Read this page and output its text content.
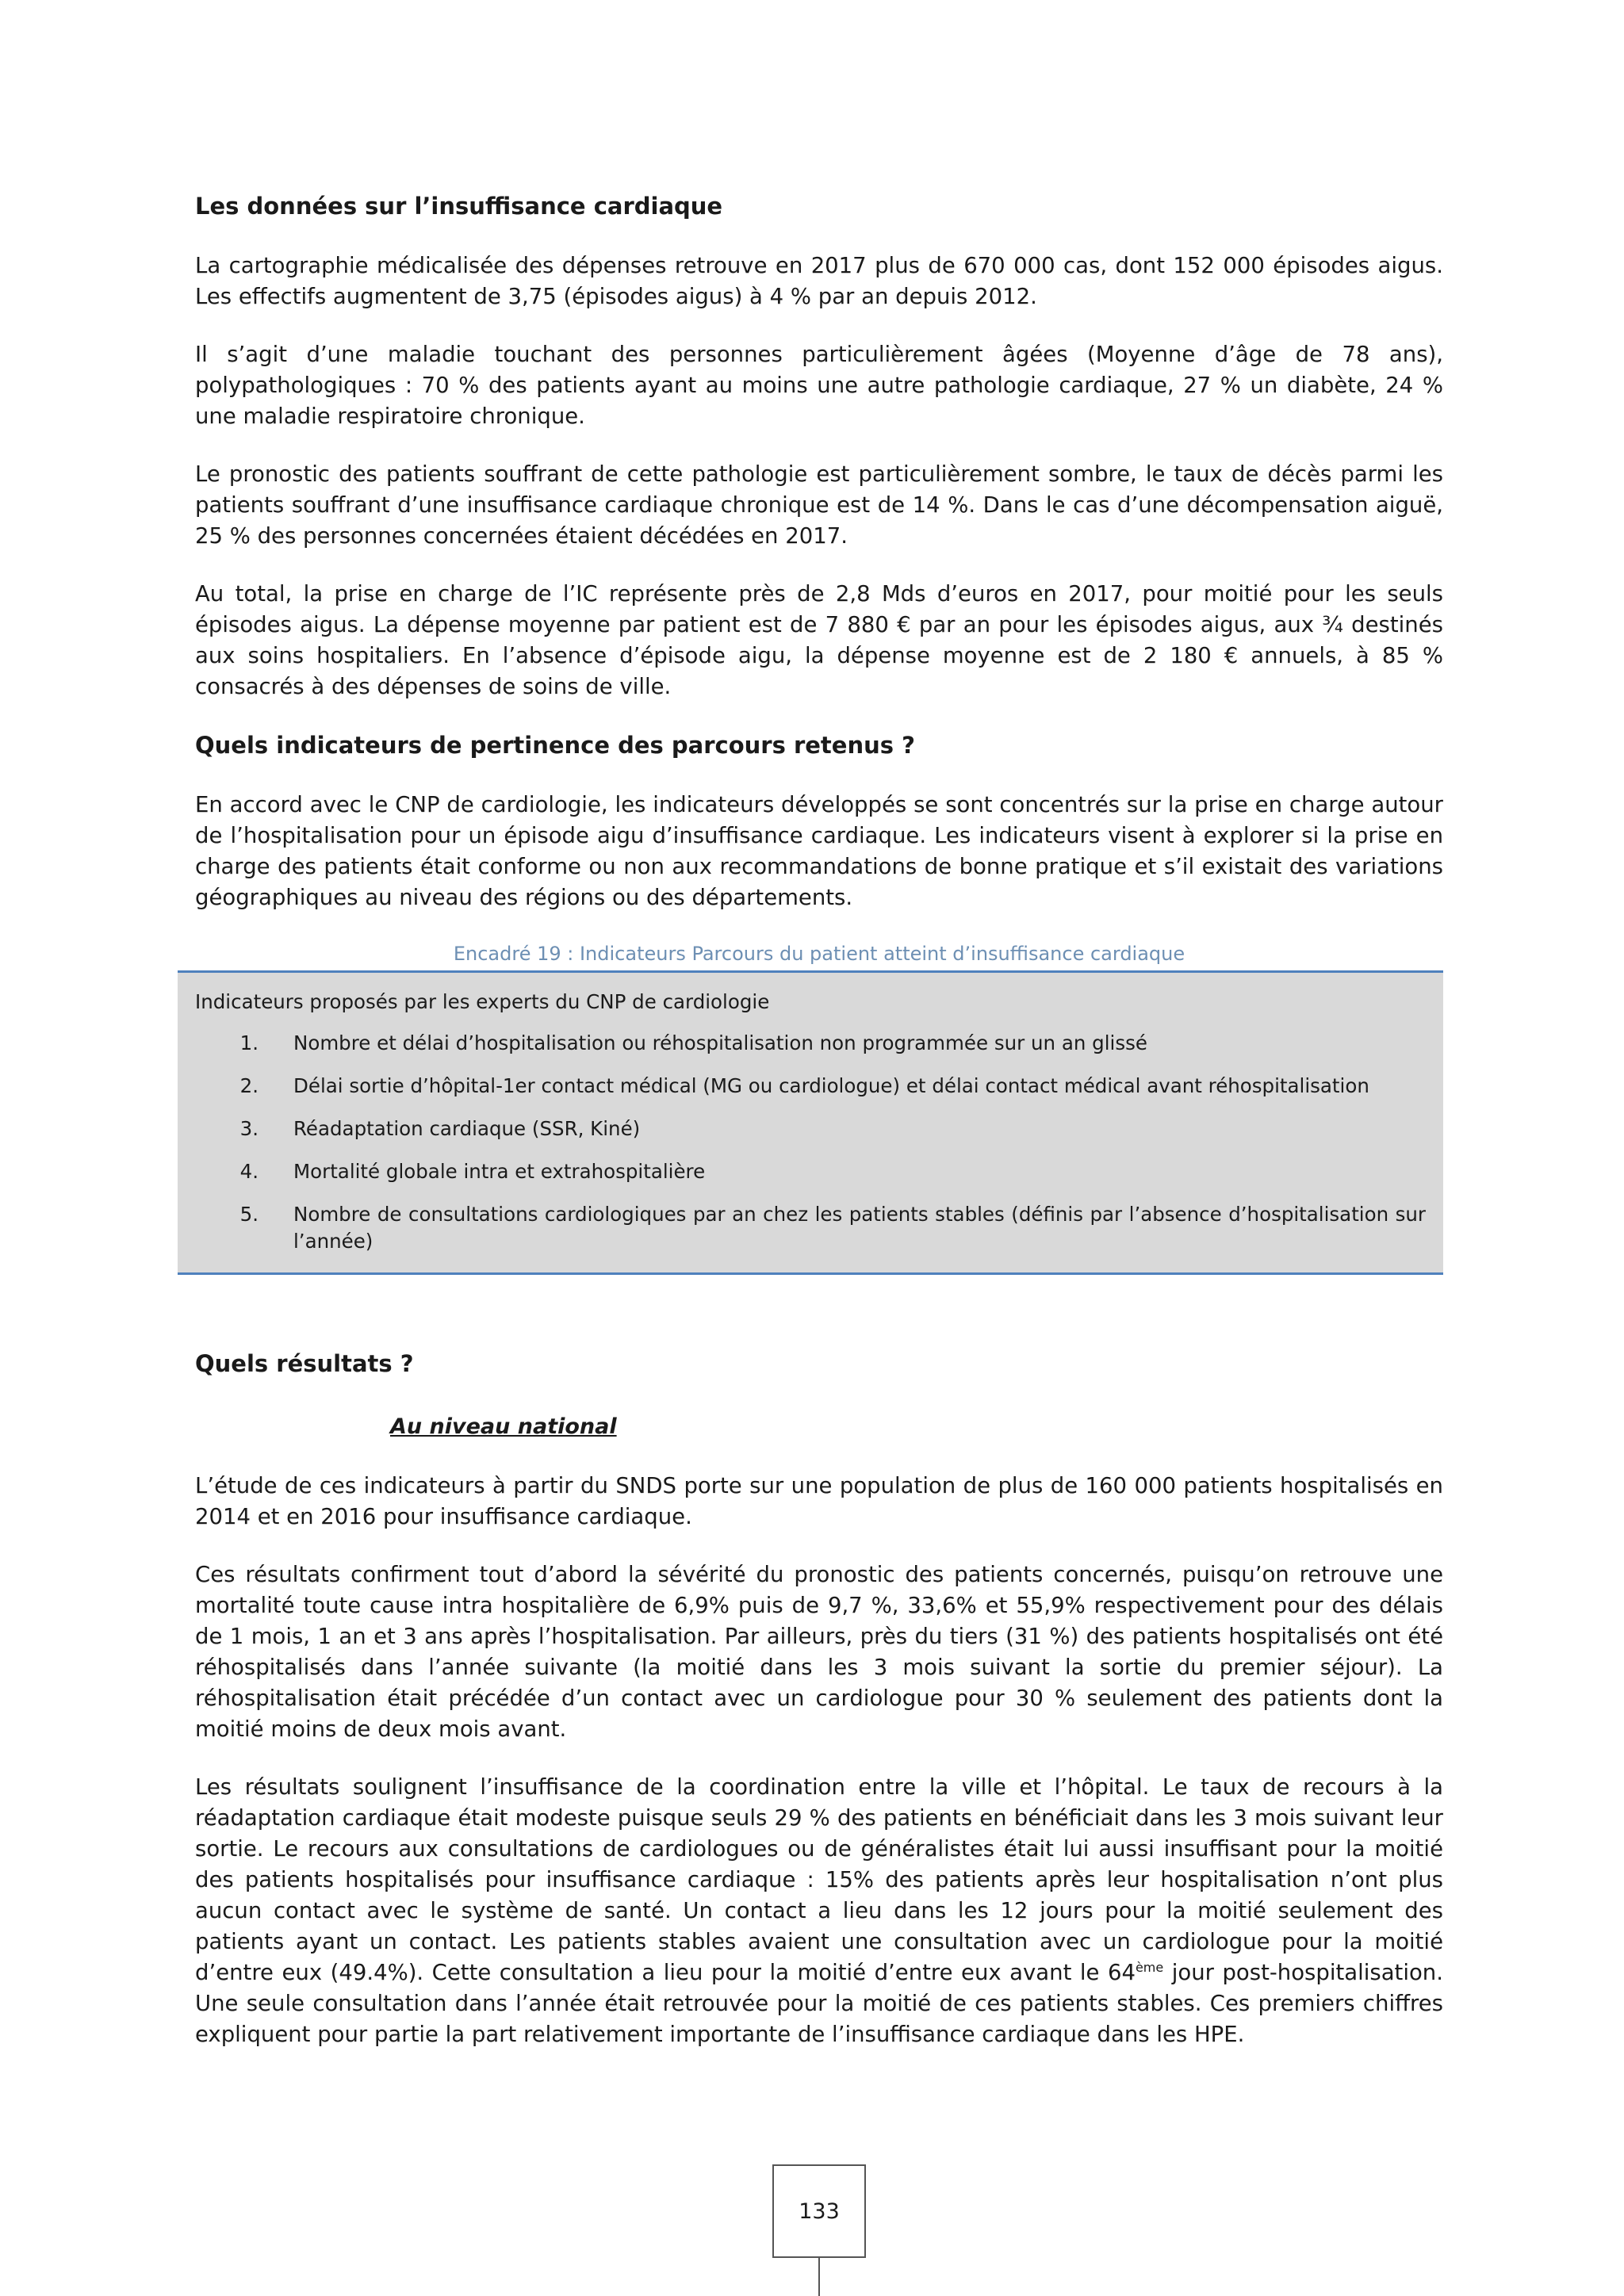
Les données sur l’insuffisance cardiaque

La cartographie médicalisée des dépenses retrouve en 2017 plus de 670 000 cas, dont 152 000 épisodes aigus. Les effectifs augmentent de 3,75 (épisodes aigus) à 4 % par an depuis 2012.

Il s’agit d’une maladie touchant des personnes particulièrement âgées (Moyenne d’âge de 78 ans), polypathologiques : 70 % des patients ayant au moins une autre pathologie cardiaque, 27 % un diabète, 24 % une maladie respiratoire chronique.

Le pronostic des patients souffrant de cette pathologie est particulièrement sombre, le taux de décès parmi les patients souffrant d’une insuffisance cardiaque chronique est de 14 %. Dans le cas d’une décompensation aiguë, 25 % des personnes concernées étaient décédées en 2017.

Au total, la prise en charge de l’IC représente près de 2,8 Mds d’euros en 2017, pour moitié pour les seuls épisodes aigus. La dépense moyenne par patient est de 7 880 € par an pour les épisodes aigus, aux ¾ destinés aux soins hospitaliers. En l’absence d’épisode aigu, la dépense moyenne est de 2 180 € annuels, à 85 % consacrés à des dépenses de soins de ville.

Quels indicateurs de pertinence des parcours retenus ?

En accord avec le CNP de cardiologie, les indicateurs développés se sont concentrés sur la prise en charge autour de l’hospitalisation pour un épisode aigu d’insuffisance cardiaque. Les indicateurs visent à explorer si la prise en charge des patients était conforme ou non aux recommandations de bonne pratique et s’il existait des variations géographiques au niveau des régions ou des départements.

Encadré 19 : Indicateurs Parcours du patient atteint d’insuffisance cardiaque
Indicateurs proposés par les experts du CNP de cardiologie
1.	Nombre et délai d’hospitalisation ou réhospitalisation non programmée sur un an glissé
2.	Délai sortie d’hôpital-1er contact médical (MG ou cardiologue) et délai contact médical avant réhospitalisation
3.	Réadaptation cardiaque (SSR, Kiné)
4.	Mortalité globale intra et extrahospitalière
5.	Nombre de consultations cardiologiques par an chez les patients stables (définis par l’absence d’hospitalisation sur l’année)
Quels résultats ?
Au niveau national

L’étude de ces indicateurs à partir du SNDS porte sur une population de plus de 160 000 patients hospitalisés en 2014 et en 2016 pour insuffisance cardiaque.

Ces résultats confirment tout d’abord la sévérité du pronostic des patients concernés, puisqu’on retrouve une mortalité toute cause intra hospitalière de 6,9% puis de 9,7 %, 33,6% et 55,9% respectivement pour des délais de 1 mois, 1 an et 3 ans après l’hospitalisation. Par ailleurs, près du tiers (31 %) des patients hospitalisés ont été réhospitalisés dans l’année suivante (la moitié dans les 3 mois suivant la sortie du premier séjour). La réhospitalisation était précédée d’un contact avec un cardiologue pour 30 % seulement des patients dont la moitié moins de deux mois avant.

Les résultats soulignent l’insuffisance de la coordination entre la ville et l’hôpital. Le taux de recours à la réadaptation cardiaque était modeste puisque seuls 29 % des patients en bénéficiait dans les 3 mois suivant leur sortie. Le recours aux consultations de cardiologues ou de généralistes était lui aussi insuffisant pour la moitié des patients hospitalisés pour insuffisance cardiaque : 15% des patients après leur hospitalisation n’ont plus aucun contact avec le système de santé. Un contact a lieu dans les 12 jours pour la moitié seulement des patients ayant un contact. Les patients stables avaient une consultation avec un cardiologue pour la moitié d’entre eux (49.4%). Cette consultation a lieu pour la moitié d’entre eux avant le 64ème jour post-hospitalisation. Une seule consultation dans l’année était retrouvée pour la moitié de ces patients stables. Ces premiers chiffres expliquent pour partie la part relativement importante de l’insuffisance cardiaque dans les HPE.

133
